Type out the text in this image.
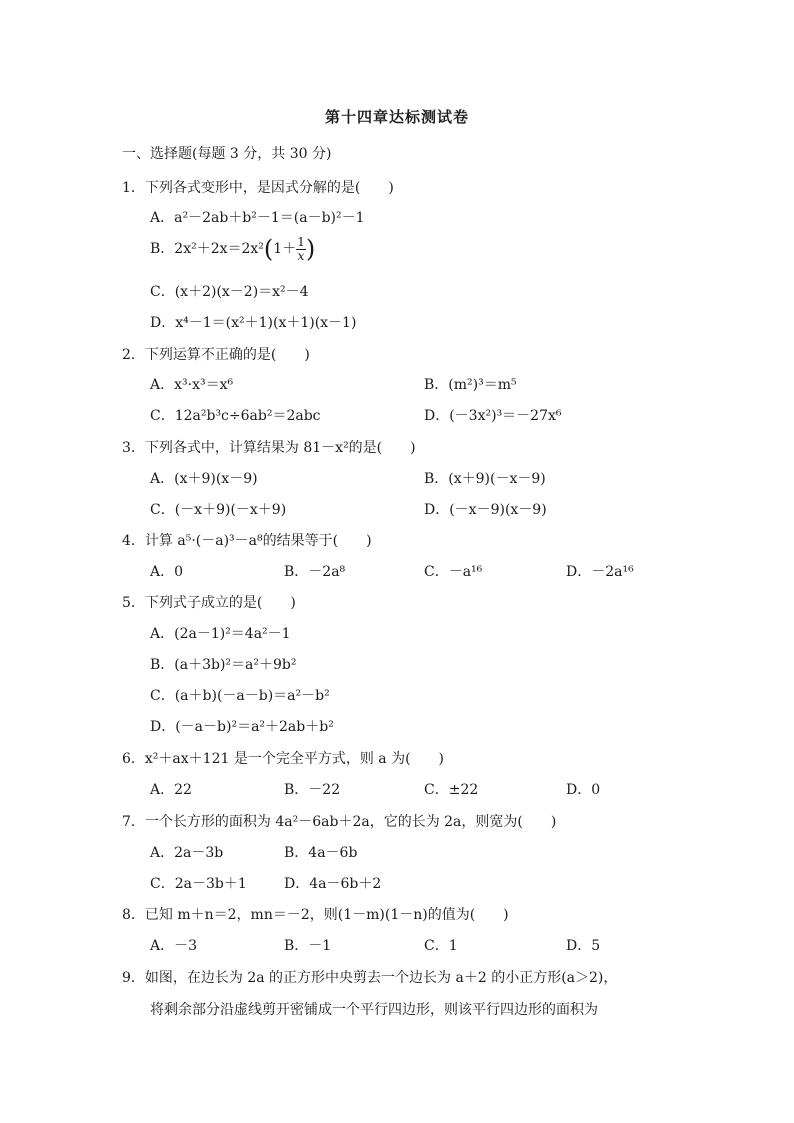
第十四章达标测试卷
一、选择题(每题 3 分，共 30 分)
1．下列各式变形中，是因式分解的是(　　)
A．a²－2ab＋b²－1＝(a－b)²－1
B．$2x^2+2x=2x^2(1+ \frac{1}{x}$ )
C．(x＋2)(x－2)＝x²－4
D．x⁴－1＝(x²＋1)(x＋1)(x－1)
2．下列运算不正确的是(　　)
A．x³·x³＝x⁶	B．(m²)³＝m⁵
C．12a²b³c÷6ab²＝2abc	D．(－3x²)³＝－27x⁶
3．下列各式中，计算结果为 81－x²的是(　　)
A．(x＋9)(x－9)	B．(x＋9)(－x－9)
C．(－x＋9)(－x＋9)	D．(－x－9)(x－9)
4．计算 a⁵·(－a)³－a⁸的结果等于(　　)
A．0	B．－2a⁸	C．－a¹⁶	D．－2a¹⁶
5．下列式子成立的是(　　)
A．(2a－1)²＝4a²－1
B．(a＋3b)²＝a²＋9b²
C．(a＋b)(－a－b)＝a²－b²
D．(－a－b)²＝a²＋2ab＋b²
6．x²＋ax＋121 是一个完全平方式，则 a 为(　　)
A．22	B．－22	C．±22	D．0
7．一个长方形的面积为 4a²－6ab＋2a，它的长为 2a，则宽为(　　)
A．2a－3b	B．4a－6b
C．2a－3b＋1	D．4a－6b＋2
8．已知 m＋n＝2，mn＝－2，则(1－m)(1－n)的值为(　　)
A．－3	B．－1	C．1	D．5
9．如图，在边长为 2a 的正方形中央剪去一个边长为 a＋2 的小正方形(a＞2)，
将剩余部分沿虚线剪开密铺成一个平行四边形，则该平行四边形的面积为
